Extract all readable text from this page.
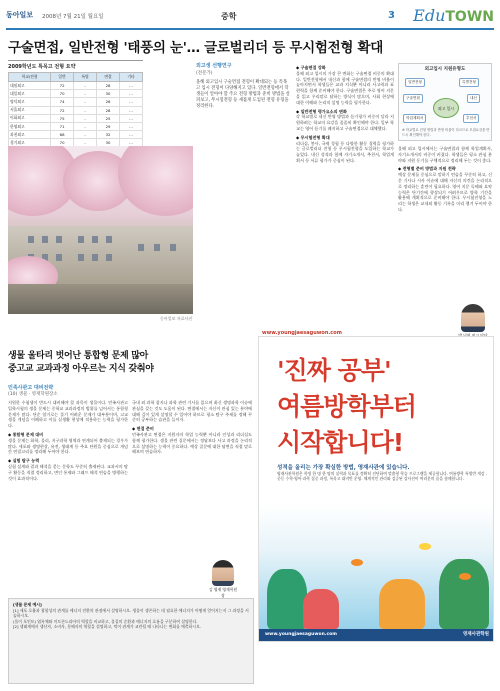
동아일보 2008년 7월 21일 월요일	중학	3 EduTOWN
구술면접, 일반전형 '태풍의 눈'… 글로벌리더 등 무시험전형 확대
2009학년도 특목고 전형 요약
학교/전형	일반	특별	면접	기타
대원외고	72	-	28	…
대일외고	70	-	30	…
명덕외고	74	-	26	…
서울외고	72	-	28	…
이화외고	75	-	25	…
한영외고	71	-	29	…
과천외고	68	-	32	…
경기외고	70	-	30	…

동아일보 자료사진
외고생 선행연구
(전문가)
올해 외고입시 구술면접 전형이 확대되는 등 특목고 입시 전형이 다양해지고 있다. 일반전형에서 학생들이 알아야 할 주요 전형 방법과 준비 방법을 살펴보고, 무시험전형 등 새롭게 도입된 전형 유형을 정리한다.
◆ 구술면접 강화
올해 외고 입시의 가장 큰 변화는 구술면접 비중의 확대다. 일반전형에서 내신과 함께 구술면접의 반영 비율이 높아지면서 학생들은 교과 지식뿐 아니라 사고력과 표현력을 함께 준비해야 한다. 구술면접은 주로 영어 지문을 읽고 우리말로 답하는 방식이 많으며, 사회 현상에 대한 이해와 논리적 설명 능력을 평가한다.
◆ 일반전형 평가요소의 변화
각 학교별로 내신 반영 방법과 듣기평가 비중이 달라 지원하려는 학교의 요강을 꼼꼼히 확인해야 한다. 일부 학교는 영어 듣기를 폐지하고 구술면접으로 대체했다.
◆ 무시험전형 확대
리더십, 봉사, 국제 경험 등 다양한 활동 경력을 평가하는 글로벌리더 전형 등 무시험전형을 도입하는 학교가 늘었다. 내신 성적과 함께 자기소개서, 추천서, 학업계획서 등 서류 평가가 중심이 된다.
외고입시 지원유형도
일반전형	특별전형
구술면접	내신
학업계획서	추천서
외고 입시
※ 학교별로 전형 방법과 반영 비율이 다르므로 모집요강을 반드시 확인해야 한다.
올해 외고 입시에서는 구술면접과 함께 학업계획서, 자기소개서의 비중이 커졌다. 학생들은 평소 관심 분야와 지원 동기를 구체적으로 정리해 두는 것이 좋다.
◆ 전형별 준비 방법과 지원 전략
예상 문제를 중심으로 말하기 연습을 꾸준히 하고, 신문 기사나 시사 이슈에 대해 자신의 의견을 논리적으로 정리하는 훈련이 필요하다. 영어 지문 독해와 요약 능력은 단기간에 향상되기 어려우므로 방학 기간을 활용해 계획적으로 준비해야 한다. 무시험전형을 노리는 학생은 교내외 활동 기록을 미리 챙겨 두어야 한다.
www.youngjaesaguwon.com
'진짜 공부'
여름방학부터
시작합니다!
성적을 올리는 가장 확실한 방법, 영재사관에 있습니다.
영재사관학원은 학생 한 명 한 명의 실력과 목표를 정확히 진단하여 맞춤형 학습 프로그램을 제공합니다. 여름방학 특별반 개강 - 중등 수학·영어·과학 집중 과정, 특목고 대비반 운영. 체계적인 관리와 검증된 강사진이 여러분의 꿈을 함께합니다.
영재사관학원
www.youngjaesaguwon.com
생물 울타리 벗어난 통합형 문제 많아
중고교 교과과정 아우르는 지식 갖춰야
민족사관고 대비전략
(10) 생물 · 영재학원장소
지원한 수험생이 반드시 대비해야 할 과목이 생물이다. 민족사관고 입학시험의 생물 문제는 중학교 교과과정의 범위를 넘어서는 통합형 문제가 많다. 단순 암기로는 풀기 어려운 문제가 대부분이며, 고교 생물 개념을 이해하고 이를 실생활 현상에 적용하는 능력을 평가한다.
◆ 통합형 문제 대비
생물 문제는 화학, 물리, 지구과학 영역과 연계되어 출제되는 경우가 많다. 세포와 생명현상, 유전, 생태계 등 주요 단원을 중심으로 개념 간 연결고리를 정리해 두어야 한다.
◆ 실험 탐구 능력
실험 설계와 결과 해석을 묻는 문항도 꾸준히 출제된다. 교과서의 탐구 활동을 직접 정리하고, 변인 통제와 그래프 해석 연습을 병행하는 것이 효과적이다.
국내 외 과학 잡지나 과학 관련 기사를 읽으며 최신 생명과학 이슈에 관심을 갖는 것도 도움이 된다. 면접에서는 자신이 관심 있는 분야에 대해 깊이 있게 설명할 수 있어야 하므로 평소 탐구 주제를 정해 꾸준히 공부하는 습관을 들이자.
◆ 면접 준비
민족사관고 면접은 지원자의 학업 능력뿐 아니라 인성과 리더십도 함께 평가한다. 생물 관련 질문에서는 정답보다 사고 과정을 논리적으로 설명하는 능력이 중요하다. 예상 질문에 대한 답변을 직접 말로 해보며 연습하자.
김 영재 영재학원장
[생물 문제 예시]
[1] 세포 호흡과 광합성의 관계를 에너지 전환의 관점에서 설명하시오. 생물이 생존하는 데 필요한 에너지가 어떻게 얻어지는지 그 과정을 서술하시오.
(풀이 포인트) 엽록체와 미토콘드리아의 역할을 비교하고, 물질의 순환과 에너지의 흐름을 구분하여 설명한다.
[2] 생태계에서 생산자, 소비자, 분해자의 역할을 설명하고, 먹이 관계가 교란될 때 나타나는 변화를 예측하시오.
